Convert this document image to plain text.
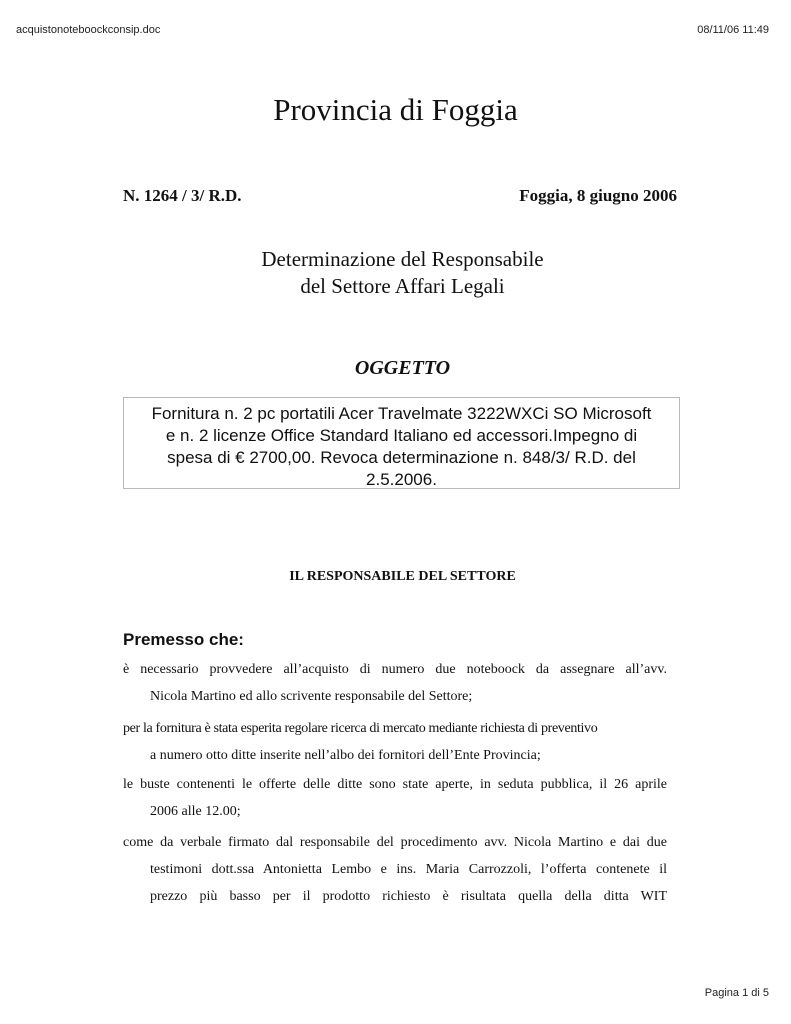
acquistonoteboockconsip.doc	08/11/06 11:49
Provincia di Foggia
N. 1264 / 3/ R.D.	Foggia, 8 giugno 2006
Determinazione del Responsabile
del Settore Affari Legali
OGGETTO
Fornitura n. 2 pc portatili Acer Travelmate 3222WXCi SO Microsoft
e n. 2 licenze Office Standard Italiano ed accessori.Impegno di
spesa di € 2700,00. Revoca determinazione n. 848/3/ R.D. del
2.5.2006.
IL RESPONSABILE DEL SETTORE
Premesso che:
è necessario provvedere all’acquisto di numero due noteboock da assegnare all’avv.
Nicola Martino ed allo scrivente responsabile del Settore;
per la fornitura è stata esperita regolare ricerca di mercato mediante richiesta di preventivo
a numero otto ditte inserite nell’albo dei fornitori dell’Ente Provincia;
le buste contenenti le offerte delle ditte sono state aperte, in seduta pubblica, il 26 aprile
2006 alle 12.00;
come da verbale firmato dal responsabile del procedimento avv. Nicola Martino e dai due
testimoni dott.ssa Antonietta Lembo e ins. Maria Carrozzoli, l’offerta contenete il
prezzo più basso per il prodotto richiesto è risultata quella della ditta WIT
Pagina 1 di 5
